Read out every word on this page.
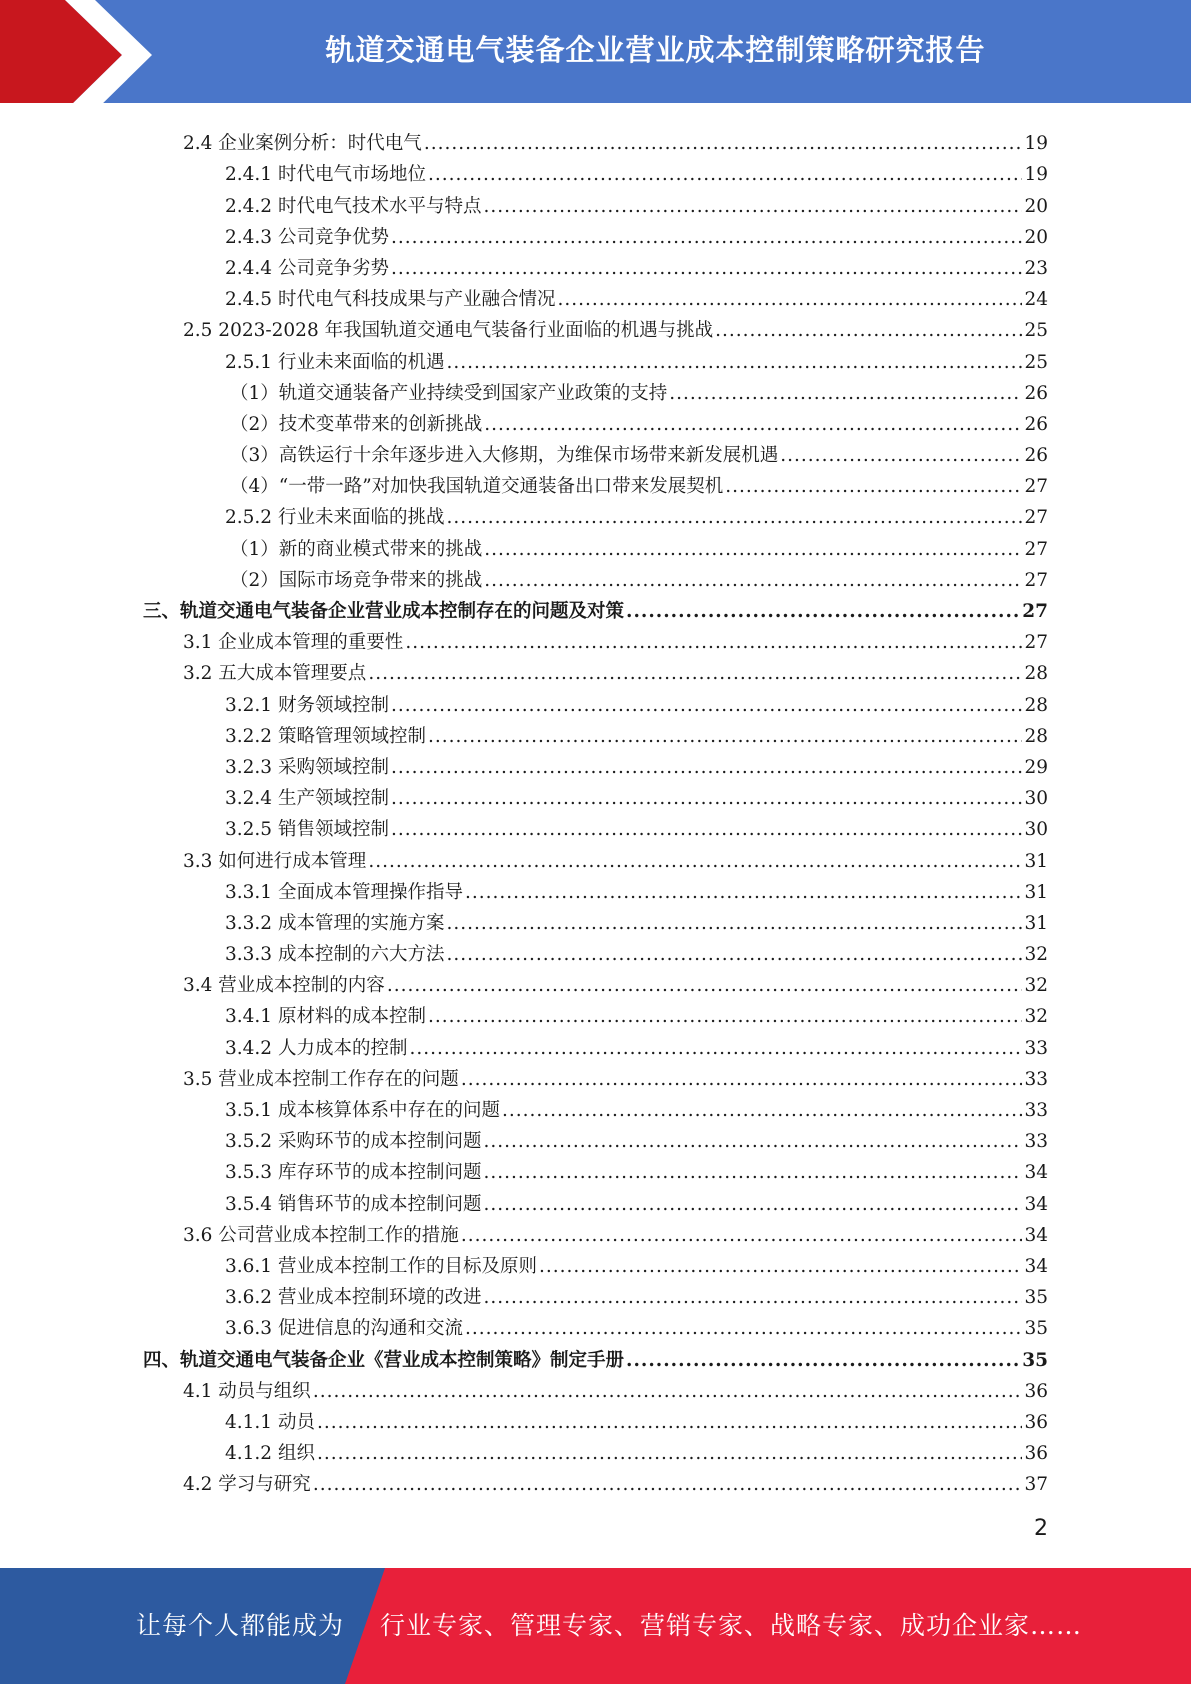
轨道交通电气装备企业营业成本控制策略研究报告
2.4 企业案例分析：时代电气 .....	19
2.4.1 时代电气市场地位 .....	19
2.4.2 时代电气技术水平与特点 .....	20
2.4.3 公司竞争优势 .....	20
2.4.4 公司竞争劣势 .....	23
2.4.5 时代电气科技成果与产业融合情况 .....	24
2.5 2023-2028 年我国轨道交通电气装备行业面临的机遇与挑战 .....	25
2.5.1 行业未来面临的机遇 .....	25
（1）轨道交通装备产业持续受到国家产业政策的支持 .....	26
（2）技术变革带来的创新挑战 .....	26
（3）高铁运行十余年逐步进入大修期，为维保市场带来新发展机遇 .....	26
（4）“一带一路”对加快我国轨道交通装备出口带来发展契机 .....	27
2.5.2 行业未来面临的挑战 .....	27
（1）新的商业模式带来的挑战 .....	27
（2）国际市场竞争带来的挑战 .....	27
三、轨道交通电气装备企业营业成本控制存在的问题及对策 .....	27
3.1 企业成本管理的重要性 .....	27
3.2 五大成本管理要点 .....	28
3.2.1 财务领域控制 .....	28
3.2.2 策略管理领域控制 .....	28
3.2.3 采购领域控制 .....	29
3.2.4 生产领域控制 .....	30
3.2.5 销售领域控制 .....	30
3.3 如何进行成本管理 .....	31
3.3.1 全面成本管理操作指导 .....	31
3.3.2 成本管理的实施方案 .....	31
3.3.3 成本控制的六大方法 .....	32
3.4 营业成本控制的内容 .....	32
3.4.1 原材料的成本控制 .....	32
3.4.2 人力成本的控制 .....	33
3.5 营业成本控制工作存在的问题 .....	33
3.5.1 成本核算体系中存在的问题 .....	33
3.5.2 采购环节的成本控制问题 .....	33
3.5.3 库存环节的成本控制问题 .....	34
3.5.4 销售环节的成本控制问题 .....	34
3.6 公司营业成本控制工作的措施 .....	34
3.6.1 营业成本控制工作的目标及原则 .....	34
3.6.2 营业成本控制环境的改进 .....	35
3.6.3 促进信息的沟通和交流 .....	35
四、轨道交通电气装备企业《营业成本控制策略》制定手册 .....	35
4.1 动员与组织 .....	36
4.1.1 动员 .....	36
4.1.2 组织 .....	36
4.2 学习与研究 .....	37
2
让每个人都能成为	行业专家、管理专家、营销专家、战略专家、成功企业家……
